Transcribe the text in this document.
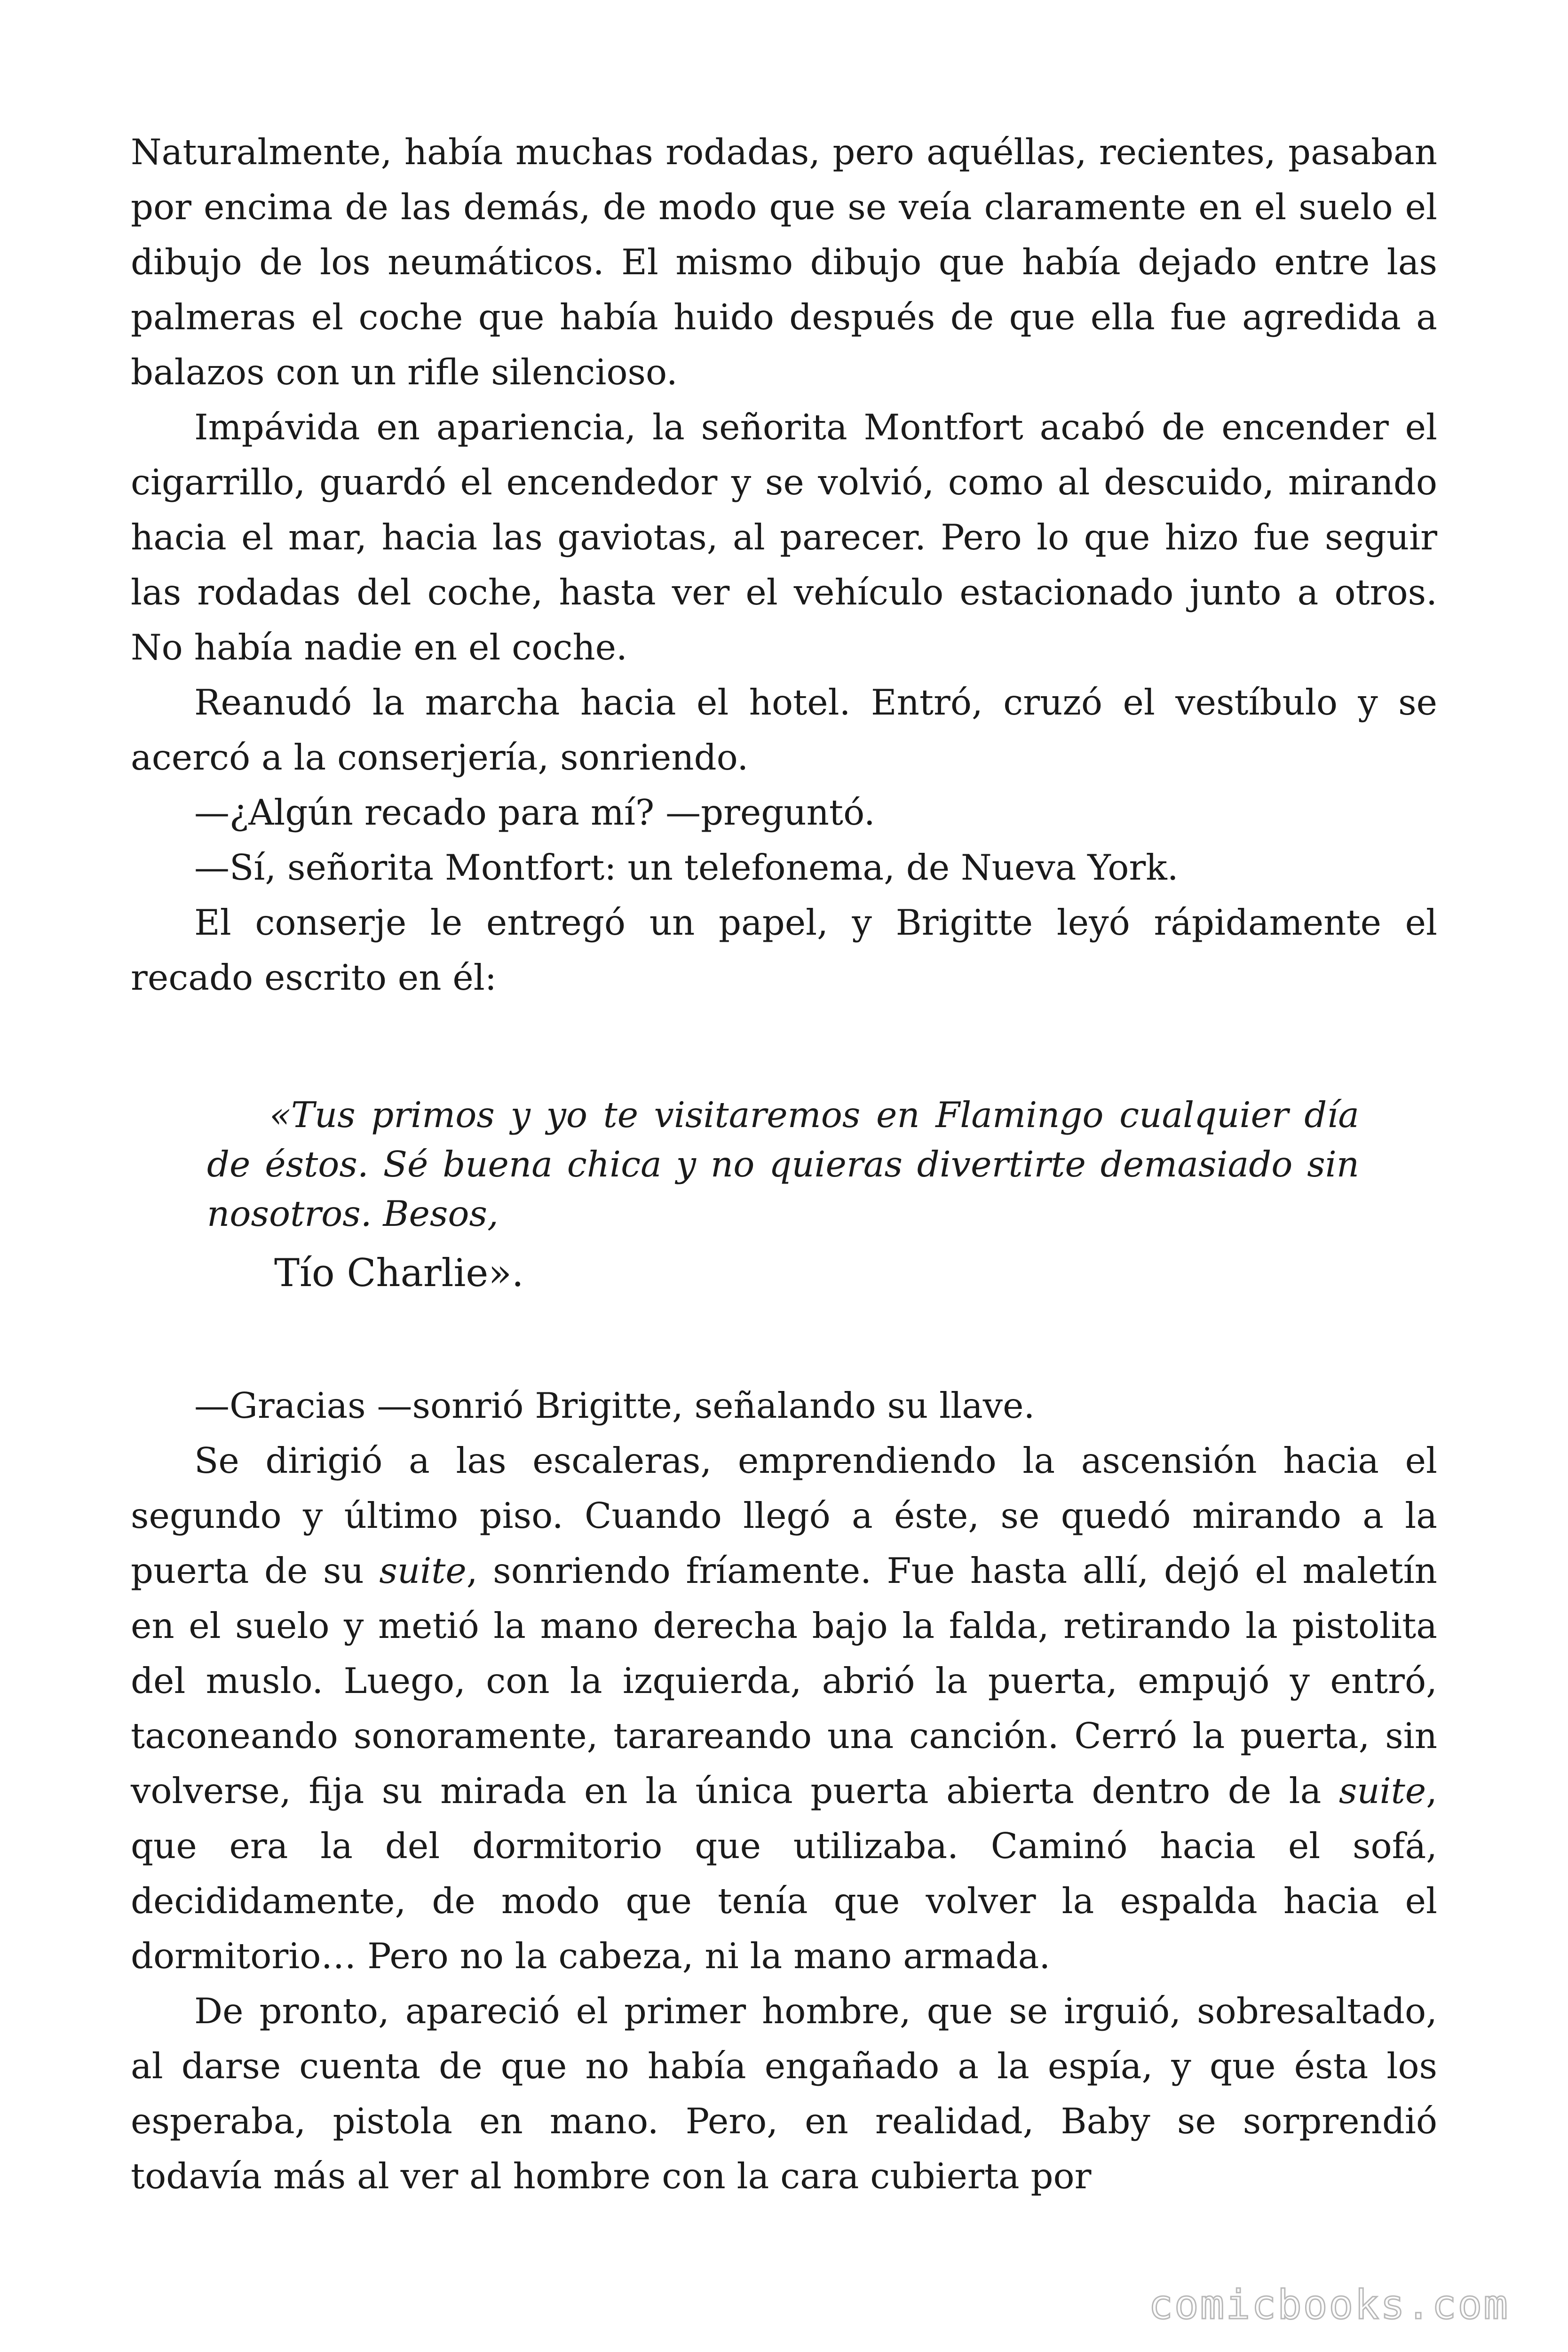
Naturalmente, había muchas rodadas, pero aquéllas, recientes, pasaban por encima de las demás, de modo que se veía claramente en el suelo el dibujo de los neumáticos. El mismo dibujo que había dejado entre las palmeras el coche que había huido después de que ella fue agredida a balazos con un rifle silencioso.

Impávida en apariencia, la señorita Montfort acabó de encender el cigarrillo, guardó el encendedor y se volvió, como al descuido, mirando hacia el mar, hacia las gaviotas, al parecer. Pero lo que hizo fue seguir las rodadas del coche, hasta ver el vehículo estacionado junto a otros. No había nadie en el coche.

Reanudó la marcha hacia el hotel. Entró, cruzó el vestíbulo y se acercó a la conserjería, sonriendo.

—¿Algún recado para mí? —preguntó.

—Sí, señorita Montfort: un telefonema, de Nueva York.

El conserje le entregó un papel, y Brigitte leyó rápidamente el recado escrito en él:

«Tus primos y yo te visitaremos en Flamingo cualquier día de éstos. Sé buena chica y no quieras divertirte demasiado sin nosotros. Besos,

Tío Charlie».

—Gracias —sonrió Brigitte, señalando su llave.

Se dirigió a las escaleras, emprendiendo la ascensión hacia el segundo y último piso. Cuando llegó a éste, se quedó mirando a la puerta de su suite, sonriendo fríamente. Fue hasta allí, dejó el maletín en el suelo y metió la mano derecha bajo la falda, retirando la pistolita del muslo. Luego, con la izquierda, abrió la puerta, empujó y entró, taconeando sonoramente, tarareando una canción. Cerró la puerta, sin volverse, fija su mirada en la única puerta abierta dentro de la suite, que era la del dormitorio que utilizaba. Caminó hacia el sofá, decididamente, de modo que tenía que volver la espalda hacia el dormitorio… Pero no la cabeza, ni la mano armada.

De pronto, apareció el primer hombre, que se irguió, sobresaltado, al darse cuenta de que no había engañado a la espía, y que ésta los esperaba, pistola en mano. Pero, en realidad, Baby se sorprendió todavía más al ver al hombre con la cara cubierta por

comicbooks.com
